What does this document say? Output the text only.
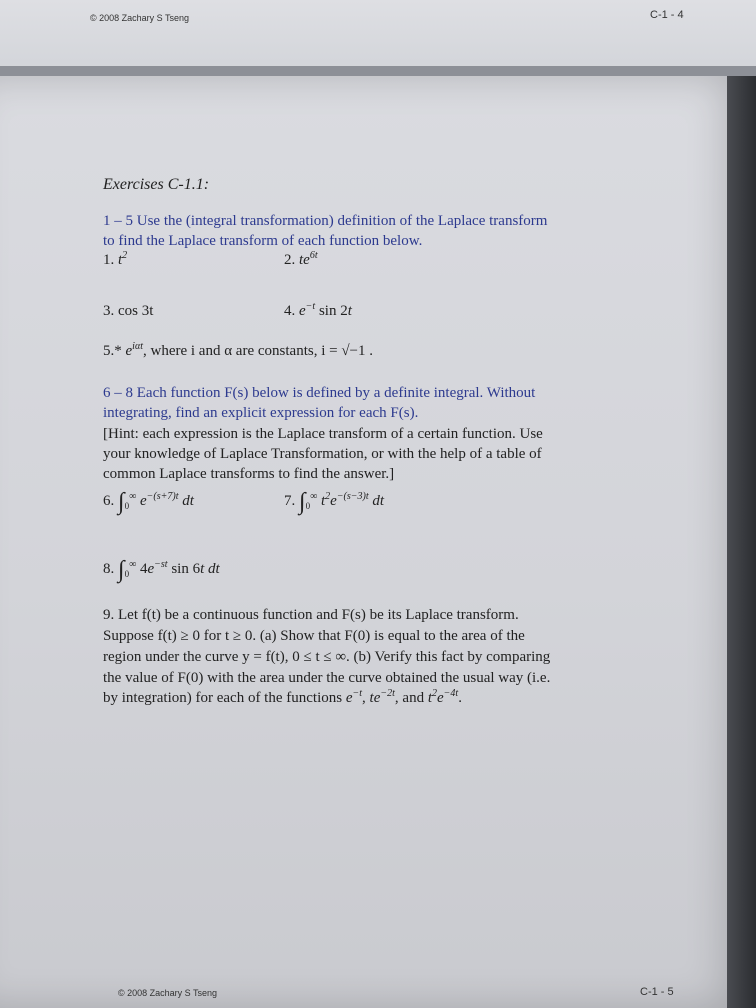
© 2008 Zachary S Tseng	C-1 - 4
Exercises C-1.1:
1 – 5 Use the (integral transformation) definition of the Laplace transform
to find the Laplace transform of each function below.
1. $t^2$	2. $te^{6t}$
3. cos 3t	4. $e^{-t}$ sin 2t
5.* $e^{i\alpha t}$, where i and α are constants, i = √−1 .
6 – 8 Each function F(s) below is defined by a definite integral. Without
integrating, find an explicit expression for each F(s).
[Hint: each expression is the Laplace transform of a certain function. Use
your knowledge of Laplace Transformation, or with the help of a table of
common Laplace transforms to find the answer.]
6. $\int_0^\infty$ $e^{-(s+7)t}$ dt	7. $\int_0^\infty$ $t^2e^{-(s-3)t}$ dt
8. $\int_0^\infty$ $4e^{-st}$ sin 6t dt
9. Let f(t) be a continuous function and F(s) be its Laplace transform.
Suppose f(t) ≥ 0 for t ≥ 0. (a) Show that F(0) is equal to the area of the
region under the curve y = f(t), 0 ≤ t ≤ ∞. (b) Verify this fact by comparing
the value of F(0) with the area under the curve obtained the usual way (i.e.
by integration) for each of the functions $e^{-t}$, $te^{-2t}$, and $t^2e^{-4t}$.
© 2008 Zachary S Tseng	C-1 - 5
